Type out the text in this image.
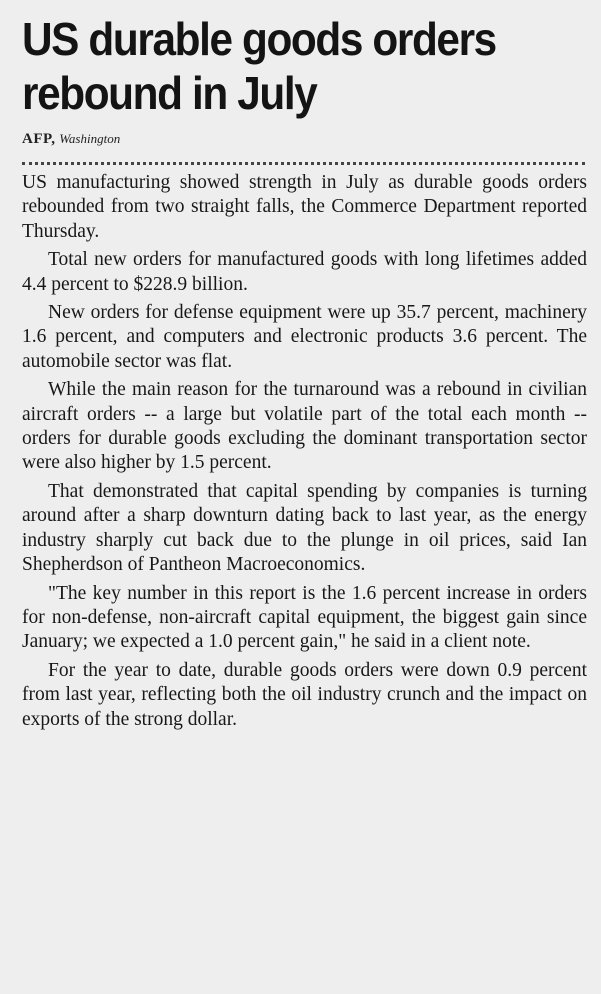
US durable goods orders
rebound in July
AFP, Washington

US manufacturing showed strength in July as durable goods orders rebounded from two straight falls, the Commerce Department reported Thursday.

Total new orders for manufactured goods with long lifetimes added 4.4 percent to $228.9 billion.

New orders for defense equipment were up 35.7 percent, machinery 1.6 percent, and computers and electronic products 3.6 percent. The automobile sector was flat.

While the main reason for the turnaround was a rebound in civilian aircraft orders -- a large but volatile part of the total each month -- orders for durable goods excluding the dominant transportation sector were also higher by 1.5 percent.

That demonstrated that capital spending by companies is turning around after a sharp downturn dating back to last year, as the energy industry sharply cut back due to the plunge in oil prices, said Ian Shepherdson of Pantheon Macroeconomics.

"The key number in this report is the 1.6 percent increase in orders for non-defense, non-aircraft capital equipment, the biggest gain since January; we expected a 1.0 percent gain," he said in a client note.

For the year to date, durable goods orders were down 0.9 percent from last year, reflecting both the oil industry crunch and the impact on exports of the strong dollar.
